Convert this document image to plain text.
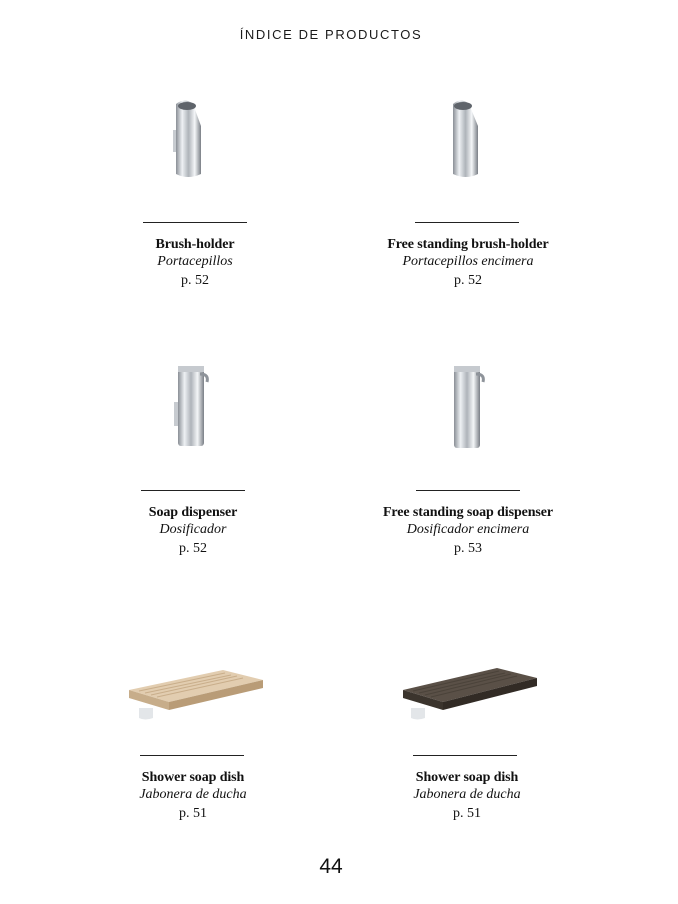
ÍNDICE DE PRODUCTOS
Brush-holder
Portacepillos
p. 52
Free standing brush-holder
Portacepillos encimera
p. 52
Soap dispenser
Dosificador
p. 52
Free standing soap dispenser
Dosificador encimera
p. 53
Shower soap dish
Jabonera de ducha
p. 51
Shower soap dish
Jabonera de ducha
p. 51
44
